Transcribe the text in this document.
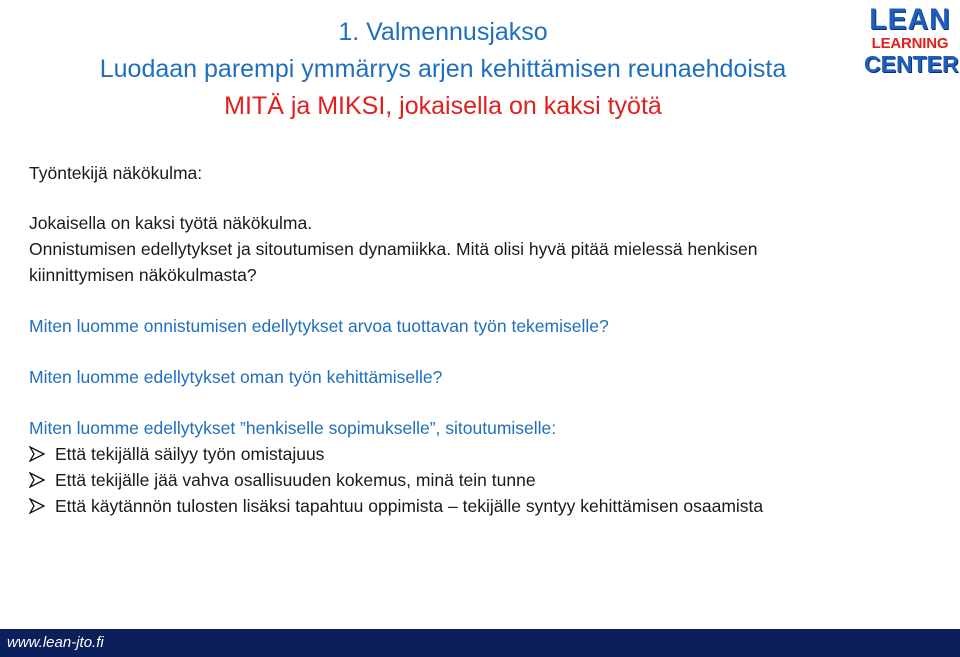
1. Valmennusjakso
Luodaan parempi ymmärrys arjen kehittämisen reunaehdoista
MITÄ ja MIKSI, jokaisella on kaksi työtä
LEAN
LEARNING
CENTER

Työntekijä näkökulma:

Jokaisella on kaksi työtä näkökulma.

Onnistumisen edellytykset ja sitoutumisen dynamiikka. Mitä olisi hyvä pitää mielessä henkisen

kiinnittymisen näkökulmasta?

Miten luomme onnistumisen edellytykset arvoa tuottavan työn tekemiselle?

Miten luomme edellytykset oman työn kehittämiselle?

Miten luomme edellytykset ”henkiselle sopimukselle”, sitoutumiselle:

Että tekijällä säilyy työn omistajuus

Että tekijälle jää vahva osallisuuden kokemus, minä tein tunne

Että käytännön tulosten lisäksi tapahtuu oppimista – tekijälle syntyy kehittämisen osaamista

www.lean-jto.fi
